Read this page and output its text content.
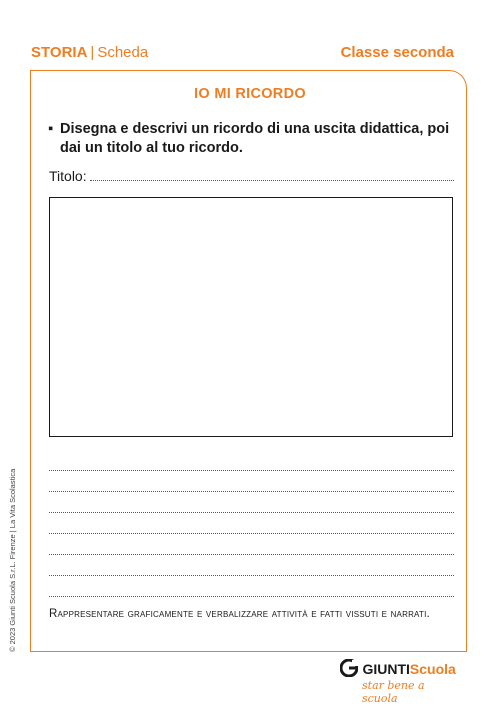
STORIA | Scheda	Classe seconda
IO MI RICORDO
▪ Disegna e descrivi un ricordo di una uscita didattica, poi dai un titolo al tuo ricordo.
Titolo:
Rappresentare graficamente e verbalizzare attività e fatti vissuti e narrati.
© 2023 Giunti Scuola S.r.L. Firenze | La Vita Scolastica
GIUNTIScuola
star bene a scuola
